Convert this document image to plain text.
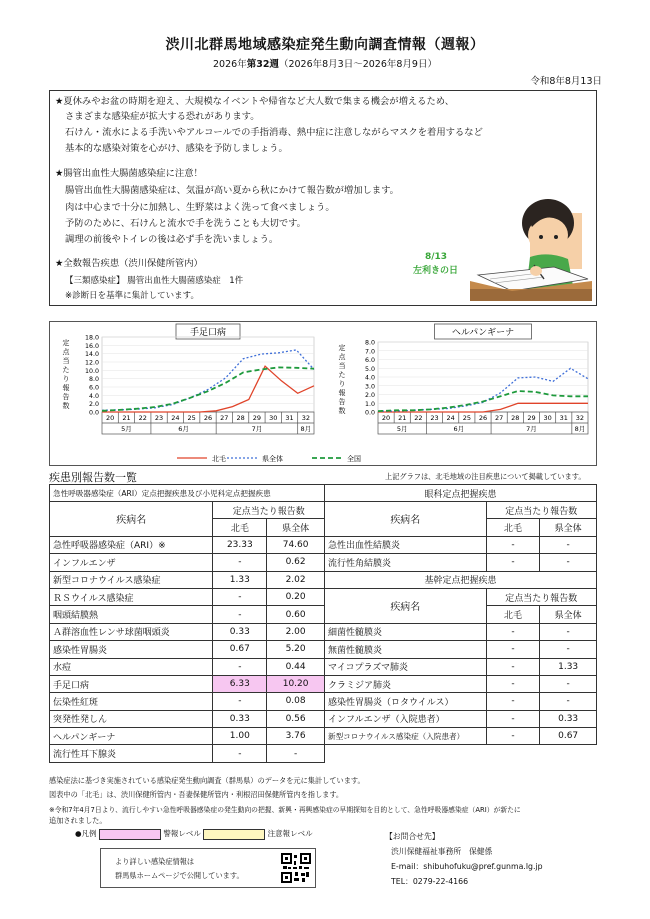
渋川北群馬地域感染症発生動向調査情報（週報）
2026年第32週（2026年8月3日～2026年8月9日）
令和8年8月13日
★夏休みやお盆の時期を迎え、大規模なイベントや帰省など大人数で集まる機会が増えるため、
さまざまな感染症が拡大する恐れがあります。
石けん・流水による手洗いやアルコールでの手指消毒、熱中症に注意しながらマスクを着用するなど
基本的な感染対策を心がけ、感染を予防しましょう。
★腸管出血性大腸菌感染症に注意！
腸管出血性大腸菌感染症は、気温が高い夏から秋にかけて報告数が増加します。
肉は中心まで十分に加熱し、生野菜はよく洗って食べましょう。
予防のために、石けんと流水で手を洗うことも大切です。
調理の前後やトイレの後は必ず手を洗いましょう。
★全数報告疾患（渋川保健所管内）
【三類感染症】 腸管出血性大腸菌感染症　1件
※診断日を基準に集計しています。
8/13
左利きの日
手足口病
0.0
2.0
4.0
6.0
8.0
10.0
12.0
14.0
16.0
18.0
定
点
当
た
り
報
告
数
20 21 22 23 24 25 26 27 28 29 30 31 32
5月	6月	7月	8月
ヘルパンギーナ
0.0
1.0
2.0
3.0
4.0
5.0
6.0
7.0
8.0
定
点
当
た
り
報
告
数
20 21 22 23 24 25 26 27 28 29 30 31 32
5月	6月	7月	8月
北毛	県全体	全国
疾患別報告数一覧	上記グラフは、北毛地域の注目疾患について掲載しています。
急性呼吸器感染症（ARI）定点把握疾患及び小児科定点把握疾患		
疾病名	定点当たり報告数	
	北毛	県全体
急性呼吸器感染症（ARI）※	23.33	74.60
インフルエンザ	-	0.62
新型コロナウイルス感染症	1.33	2.02
ＲＳウイルス感染症	-	0.20
咽頭結膜熱	-	0.60
Ａ群溶血性レンサ球菌咽頭炎	0.33	2.00
感染性胃腸炎	0.67	5.20
水痘	-	0.44
手足口病	6.33	10.20
伝染性紅斑	-	0.08
突発性発しん	0.33	0.56
ヘルパンギーナ	1.00	3.76
流行性耳下腺炎	-	-
眼科定点把握疾患		
疾病名	定点当たり報告数	
	北毛	県全体
急性出血性結膜炎	-	-
流行性角結膜炎	-	-
基幹定点把握疾患		
疾病名	定点当たり報告数	
	北毛	県全体
細菌性髄膜炎	-	-
無菌性髄膜炎	-	-
マイコプラズマ肺炎	-	1.33
クラミジア肺炎	-	-
感染性胃腸炎（ロタウイルス）	-	-
インフルエンザ（入院患者）	-	0.33
新型コロナウイルス感染症（入院患者）	-	0.67
感染症法に基づき実施されている感染症発生動向調査（群馬県）のデータを元に集計しています。
図表中の「北毛」は、渋川保健所管内・吾妻保健所管内・利根沼田保健所管内を指します。
※令和7年4月7日より、流行しやすい急性呼吸器感染症の発生動向の把握、新興・再興感染症の早期探知を目的として、急性呼吸器感染症（ARI）が新たに
追加されました。
●凡例	警報レベル	注意報レベル
より詳しい感染症情報は
群馬県ホームページで公開しています。
【お問合せ先】
渋川保健福祉事務所　保健係
E-mail：shibuhofuku@pref.gunma.lg.jp
TEL：0279-22-4166
